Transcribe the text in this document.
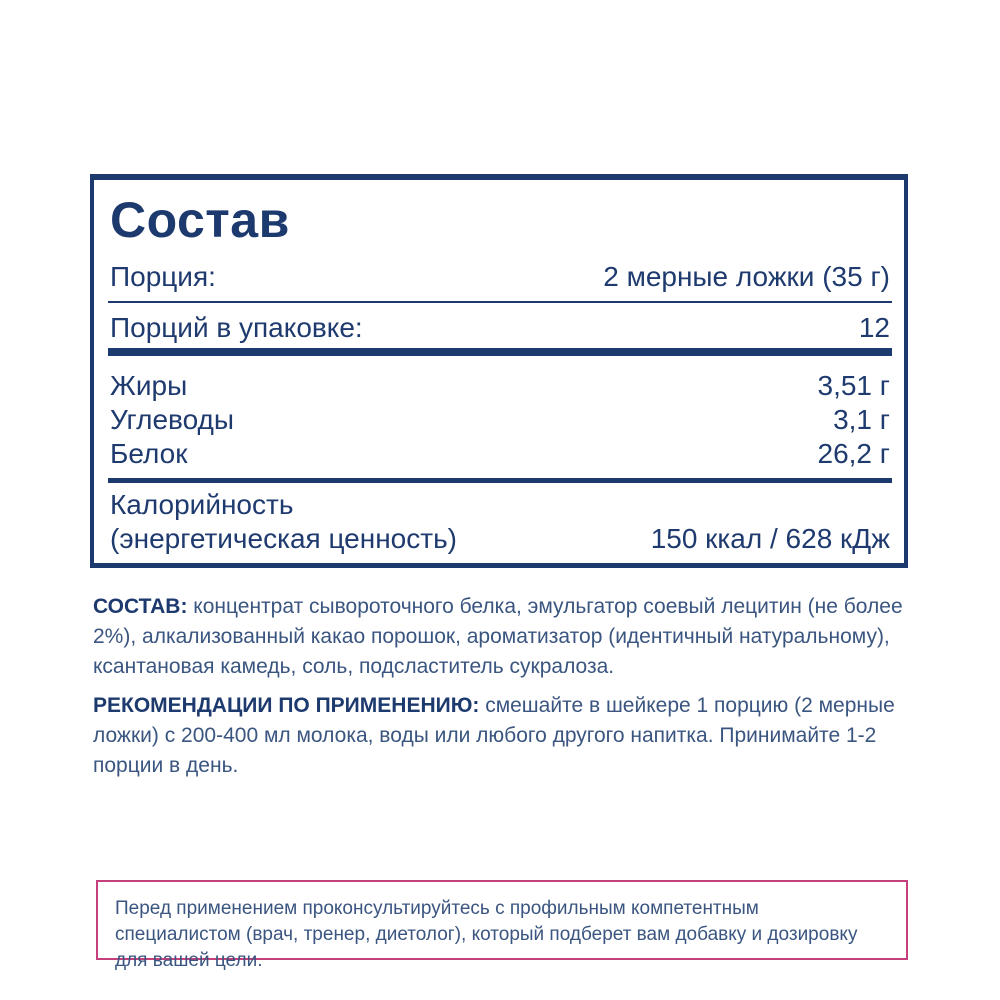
Состав
Порция:	2 мерные ложки (35 г)
Порций в упаковке:	12
Жиры	3,51 г
Углеводы	3,1 г
Белок	26,2 г
Калорийность
(энергетическая ценность)	150 ккал / 628 кДж
СОСТАВ: концентрат сывороточного белка, эмульгатор соевый лецитин (не более 2%), алкализованный какао порошок, ароматизатор (идентичный натуральному), ксантановая камедь, соль, подсластитель сукралоза.
РЕКОМЕНДАЦИИ ПО ПРИМЕНЕНИЮ: смешайте в шейкере 1 порцию (2 мерные ложки) с 200-400 мл молока, воды или любого другого напитка. Принимайте 1-2 порции в день.
Перед применением проконсультируйтесь с профильным компетентным специалистом (врач, тренер, диетолог), который подберет вам добавку и дозировку для вашей цели.
